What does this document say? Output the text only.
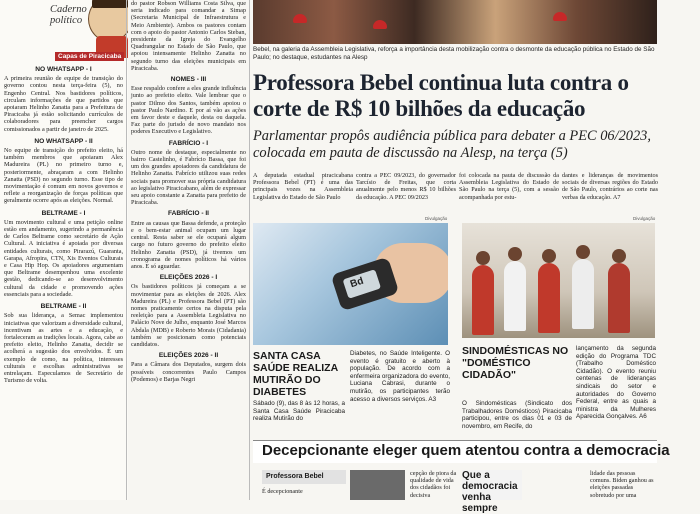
Caderno político
Capas de Piracicaba
NO WHATSAPP - I

A primeira reunião de equipe de transição do governo contou nesta terça-feira (5), no Engenho Central. Nos bastidores políticos, circulam informações de que partidos que apoiaram Helinho Zanatta para a Prefeitura de Piracicaba já estão solicitando currículos de colaboradores para preencher cargos comissionados a partir de janeiro de 2025.

NO WHATSAPP - II

No equipe de transição do prefeito eleito, há também membros que apoiaram Alex Madureira (PL) no primeiro turno e, posteriormente, abraçaram a com Helinho Zanatta (PSD) no segundo turno. Esse tipo de movimentação é comum em novos governos e reflete a reorganização de forças políticas que geralmente ocorre após as eleições. Normal.

BELTRAME - I

Um movimento cultural e uma petição online estão em andamento, sugerindo a permanência de Carlos Beltrame como secretário de Ação Cultural. A iniciativa é apoiada por diversas entidades culturais, como Pirarazú, Guaranta, Garapa, Afropira, CTN, Xis Eventos Culturais e Casa Hip Hop. Os apoiadores argumentam que Beltrame desempenhou uma excelente gestão, dedicando-se ao desenvolvimento cultural da cidade e promovendo ações essenciais para a sociedade.

BELTRAME - II

Sob sua liderança, a Semac implementou iniciativas que valorizam a diversidade cultural, incentivam as artes e a educação, e fortaleceram as tradições locais. Agora, cabe ao prefeito eleito, Helinho Zanatta, decidir se acolherá a sugestão dos envolvidos. É um exemplo de como, na política, interesses culturais e escolhas administrativas se entrelaçam. Especulamos de Secretário de Turismo de volta.

do pastor Robson Williams Costa Silva, que seria indicado para comandar a Simap (Secretaria Municipal de Infraestrutura e Meio Ambiente). Ambos os pastores contam com o apoio do pastor Antonio Carlos Steban, presidente da Igreja do Evangelho Quadrangular no Estado de São Paulo, que apoiou intensamente Helinho Zanatta no segundo turno das eleições municipais em Piracicaba.

NOMES - III

Esse respaldo confere a eles grande influência junto ao prefeito eleito. Vale lembrar que o pastor Dilmo dos Santos, também apoiou o pastor Paulo Nardino. E por aí vão as ações em favor deste e daquele, desta ou daquela. Faz parte do jurisdo de novo mandato nos poderes Executivo e Legislativo.

FABRÍCIO - I

Outro nome de destaque, especialmente no bairro Castelinho, é Fabrício Bassa, que foi um dos grandes apoiadores da candidatura de Helinho Zanatta. Fabrício utilizou suas redes sociais para promover sua própria candidatura ao legislativo Piracicabano, além de expressar seu apoio constante a Zanatta para prefeito de Piracicaba.

FABRÍCIO - II

Entre as causas que Bassa defende, a proteção e o bem-estar animal ocupam um lugar central. Resta saber se ele ocupará algum cargo no futuro governo do prefeito eleito Helinho Zanatta (PSD), já tivemos um cronograma de nomes políticos há vários anos. E só aguardar.

ELEIÇÕES 2026 - I

Os bastidores políticos já começam a se movimentar para as eleições de 2026. Alex Madureira (PL) e Professora Bebel (PT) são nomes praticamente certos na disputa pela reeleição para a Assembleia Legislativa no Palácio Nove de Julho, enquanto José Marcos Abdala (MDB) e Roberto Morais (Cidadania) também se posicionam como potenciais candidatos.

ELEIÇÕES 2026 - II

Para a Câmara dos Deputados, surgem dois possíveis concorrentes Paulo Campos (Podemos) e Barjas Negri

Bebel, na galeria da Assembleia Legislativa, reforça a importância desta mobilização contra o desmonte da educação pública no Estado de São Paulo; no destaque, estudantes na Alesp
Professora Bebel continua luta contra o corte de R$ 10 bilhões da educação
Parlamentar propôs audiência pública para debater a PEC 06/2023, colocada em pauta de discussão na Alesp, na terça (5)
A deputada estadual piracicabana Professora Bebel (PT) é uma das principais vozes na Assembleia Legislativa do Estado de São Paulo
contra a PEC 09/2023, do governador Tarcísio de Freitas, que corta anualmente pelo menos R$ 10 bilhões da educação. A PEC 09/2023
foi colocada na pauta de discussão da Assembleia Legislativa do Estado de São Paulo na terça (5), com a sessão acompanhada por estu-
dantes e lideranças de movimentos sociais de diversas regiões do Estado de São Paulo, contrários ao corte nas verbas da educação. A7
Divulgação
Bd
SANTA CASA SAÚDE REALIZA MUTIRÃO DO DIABETES
Sábado (9), das 8 às 12 horas, a Santa Casa Saúde Piracicaba realiza Mutirão do
Diabetes, no Saúde Inteligente. O evento é gratuito e aberto à população. De acordo com a enfermeira organizadora do evento, Luciana Cabrasi, durante o mutirão, os participantes terão acesso a diversos serviços. A3
Divulgação
SINDOMÉSTICAS NO "DOMÉSTICO CIDADÃO"
O Sindomésticas (Sindicato dos Trabalhadores Domésticos) Piracicaba participou, entre os dias 01 e 03 de novembro, em Recife, do
lançamento da segunda edição do Programa TDC (Trabalho Doméstico Cidadão). O evento reuniu centenas de lideranças sindicais do setor e autoridades do Governo Federal, entre as quais a ministra da Mulheres Aparecida Gonçalves. A6
Decepcionante eleger quem atentou contra a democracia
Professora Bebel
É decepcionante
cepção de piora da qualidade de vida dos cidadãos foi decisiva
Que a democracia venha sempre
lidade das pessoas comuns. Biden ganhou as eleições passadas sobretudo por uma
